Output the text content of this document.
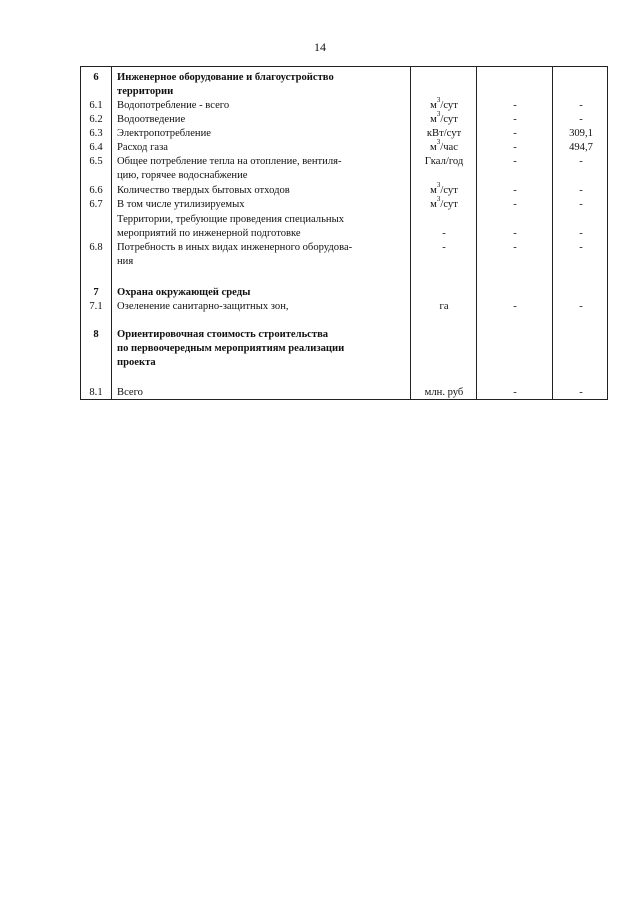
14
6	Инженерное оборудование и благоустройство
территории
6.1	Водопотребление - всего	$м^3$/сут	-	-
6.2	Водоотведение	$м^3$/сут	-	-
6.3	Электропотребление	кВт/сут	-	309,1
6.4	Расход газа	$м^3$/час	-	494,7
6.5	Общее потребление тепла на отопление, вентиля-	Гкал/год	-	-
цию, горячее водоснабжение
6.6	Количество твердых бытовых отходов	$м^3$/сут	-	-
6.7	В том числе утилизируемых	$м^3$/сут	-	-
Территории, требующие проведения специальных
мероприятий по инженерной подготовке	-	-	-
6.8	Потребность в иных видах инженерного оборудова-	-	-	-
ния
7	Охрана окружающей среды
7.1	Озеленение санитарно-защитных зон,	га	-	-
8	Ориентировочная стоимость строительства
по первоочередным мероприятиям реализации
проекта
8.1	Всего	млн. руб	-	-
